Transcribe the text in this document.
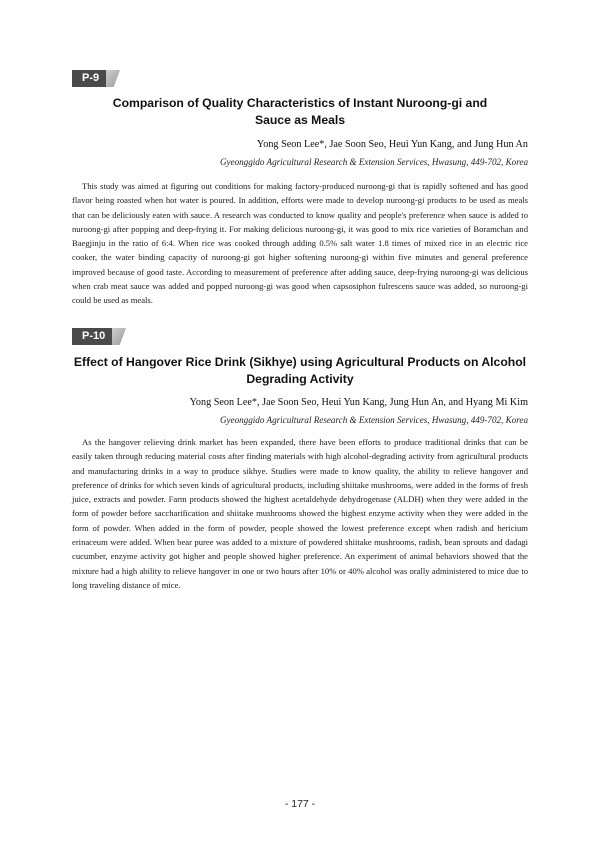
P-9

Comparison of Quality Characteristics of Instant Nuroong-gi and

Sauce as Meals

Yong Seon Lee*, Jae Soon Seo, Heui Yun Kang, and Jung Hun An

Gyeonggido Agricultural Research & Extension Services, Hwasung, 449-702, Korea

This study was aimed at figuring out conditions for making factory-produced nuroong-gi that is rapidly softened and has good flavor being roasted when hot water is poured. In addition, efforts were made to develop nuroong-gi products to be used as meals that can be deliciously eaten with sauce. A research was conducted to know quality and people's preference when sauce is added to nuroong-gi after popping and deep-frying it. For making delicious nuroong-gi, it was good to mix rice varieties of Boramchan and Baegjinju in the ratio of 6:4. When rice was cooked through adding 0.5% salt water 1.8 times of mixed rice in an electric rice cooker, the water binding capacity of nuroong-gi got higher softening nuroong-gi within five minutes and general preference improved because of good taste. According to measurement of preference after adding sauce, deep-frying nuroong-gi was delicious when crab meat sauce was added and popped nuroong-gi was good when capsosiphon fulrescens sauce was added, so nuroong-gi could be used as meals.

P-10

Effect of Hangover Rice Drink (Sikhye) using Agricultural Products on Alcohol

Degrading Activity

Yong Seon Lee*, Jae Soon Seo, Heui Yun Kang, Jung Hun An, and Hyang Mi Kim

Gyeonggido Agricultural Research & Extension Services, Hwasung, 449-702, Korea

As the hangover relieving drink market has been expanded, there have been efforts to produce traditional drinks that can be easily taken through reducing material costs after finding materials with high alcohol-degrading activity from agricultural products and manufacturing drinks in a way to produce sikhye. Studies were made to know quality, the ability to relieve hangover and preference of drinks for which seven kinds of agricultural products, including shiitake mushrooms, were added in the forms of fresh juice, extracts and powder. Farm products showed the highest acetaldehyde dehydrogenase (ALDH) when they were added in the form of powder before saccharification and shiitake mushrooms showed the highest enzyme activity when they were added in the form of powder. When added in the form of powder, people showed the lowest preference except when radish and hericium erinaceum were added. When bear puree was added to a mixture of powdered shiitake mushrooms, radish, bean sprouts and dadagi cucumber, enzyme activity got higher and people showed higher preference. An experiment of animal behaviors showed that the mixture had a high ability to relieve hangover in one or two hours after 10% or 40% alcohol was orally administered to mice due to long traveling distance of mice.

- 177 -
